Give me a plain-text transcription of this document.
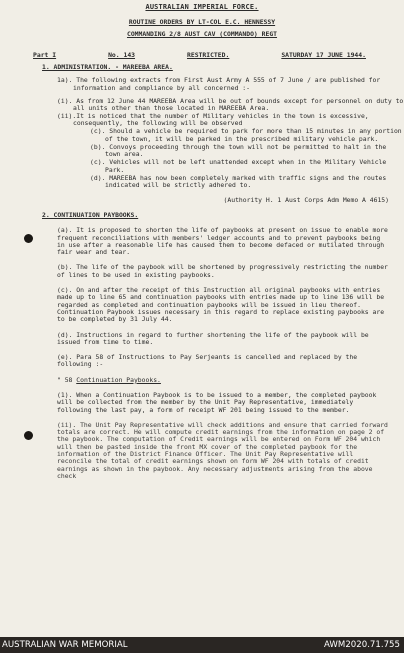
AUSTRALIAN IMPERIAL FORCE.
ROUTINE ORDERS BY LT-COL E.C. HENNESSY
COMMANDING 2/8 AUST CAV (COMMANDO) REGT
Part I	No. 143	RESTRICTED.	SATURDAY 17 JUNE 1944.
1. ADMINISTRATION. - MAREEBA AREA.
1a). The following extracts from First Aust Army A 555 of 7 June / are published for information and compliance by all concerned :-
(i). As from 12 June 44 MAREEBA Area will be out of bounds except for personnel on duty to all units other than those located in MAREEBA Area.
(ii).It is noticed that the number of Military vehicles in the town is excessive, consequently, the following will be observed
(c). Should a vehicle be required to park for more than 15 minutes in any portion of the town, it will be parked in the prescribed military vehicle park.
(b). Convoys proceeding through the town will not be permitted to halt in the town area.
(c). Vehicles will not be left unattended except when in the Military Vehicle Park.
(d). MAREEBA has now been completely marked with traffic signs and the routes indicated will be strictly adhered to.
(Authority H. 1 Aust Corps Adm Memo A 4615)
2. CONTINUATION PAYBOOKS.
(a). It is proposed to shorten the life of paybooks at present on issue to enable more frequent reconciliations with members' ledger accounts and to prevent paybooks being in use after a reasonable life has caused them to become defaced or mutilated through fair wear and tear.
(b). The life of the paybook will be shortened by progressively restricting the number of lines to be used in existing paybooks.
(c). On and after the receipt of this Instruction all original paybooks with entries made up to line 65 and continuation paybooks with entries made up to line 136 will be regarded as completed and continuation paybooks will be issued in lieu thereof. Continuation Paybook issues necessary in this regard to replace existing paybooks are to be completed by 31 July 44.
(d). Instructions in regard to further shortening the life of the paybook will be issued from time to time.
(e). Para 58 of Instructions to Pay Serjeants is cancelled and replaced by the following :-
" 58 Continuation Paybooks.
(1). When a Continuation Paybook is to be issued to a member, the completed paybook will be collected from the member by the Unit Pay Representative, immediately following the last pay, a form of receipt WF 201 being issued to the member.
(ii). The Unit Pay Representative will check additions and ensure that carried forward totals are correct. He will compute credit earnings from the information on page 2 of the paybook. The computation of Credit earnings will be entered on Form WF 204 which will then be pasted inside the front MX cover of the completed paybook for the information of the District Finance Officer. The Unit Pay Representative will reconcile the total of credit earnings shown on form WF 204 with totals of credit earnings as shown in the paybook. Any necessary adjustments arising from the above check
AUSTRALIAN WAR MEMORIAL	AWM2020.71.755
